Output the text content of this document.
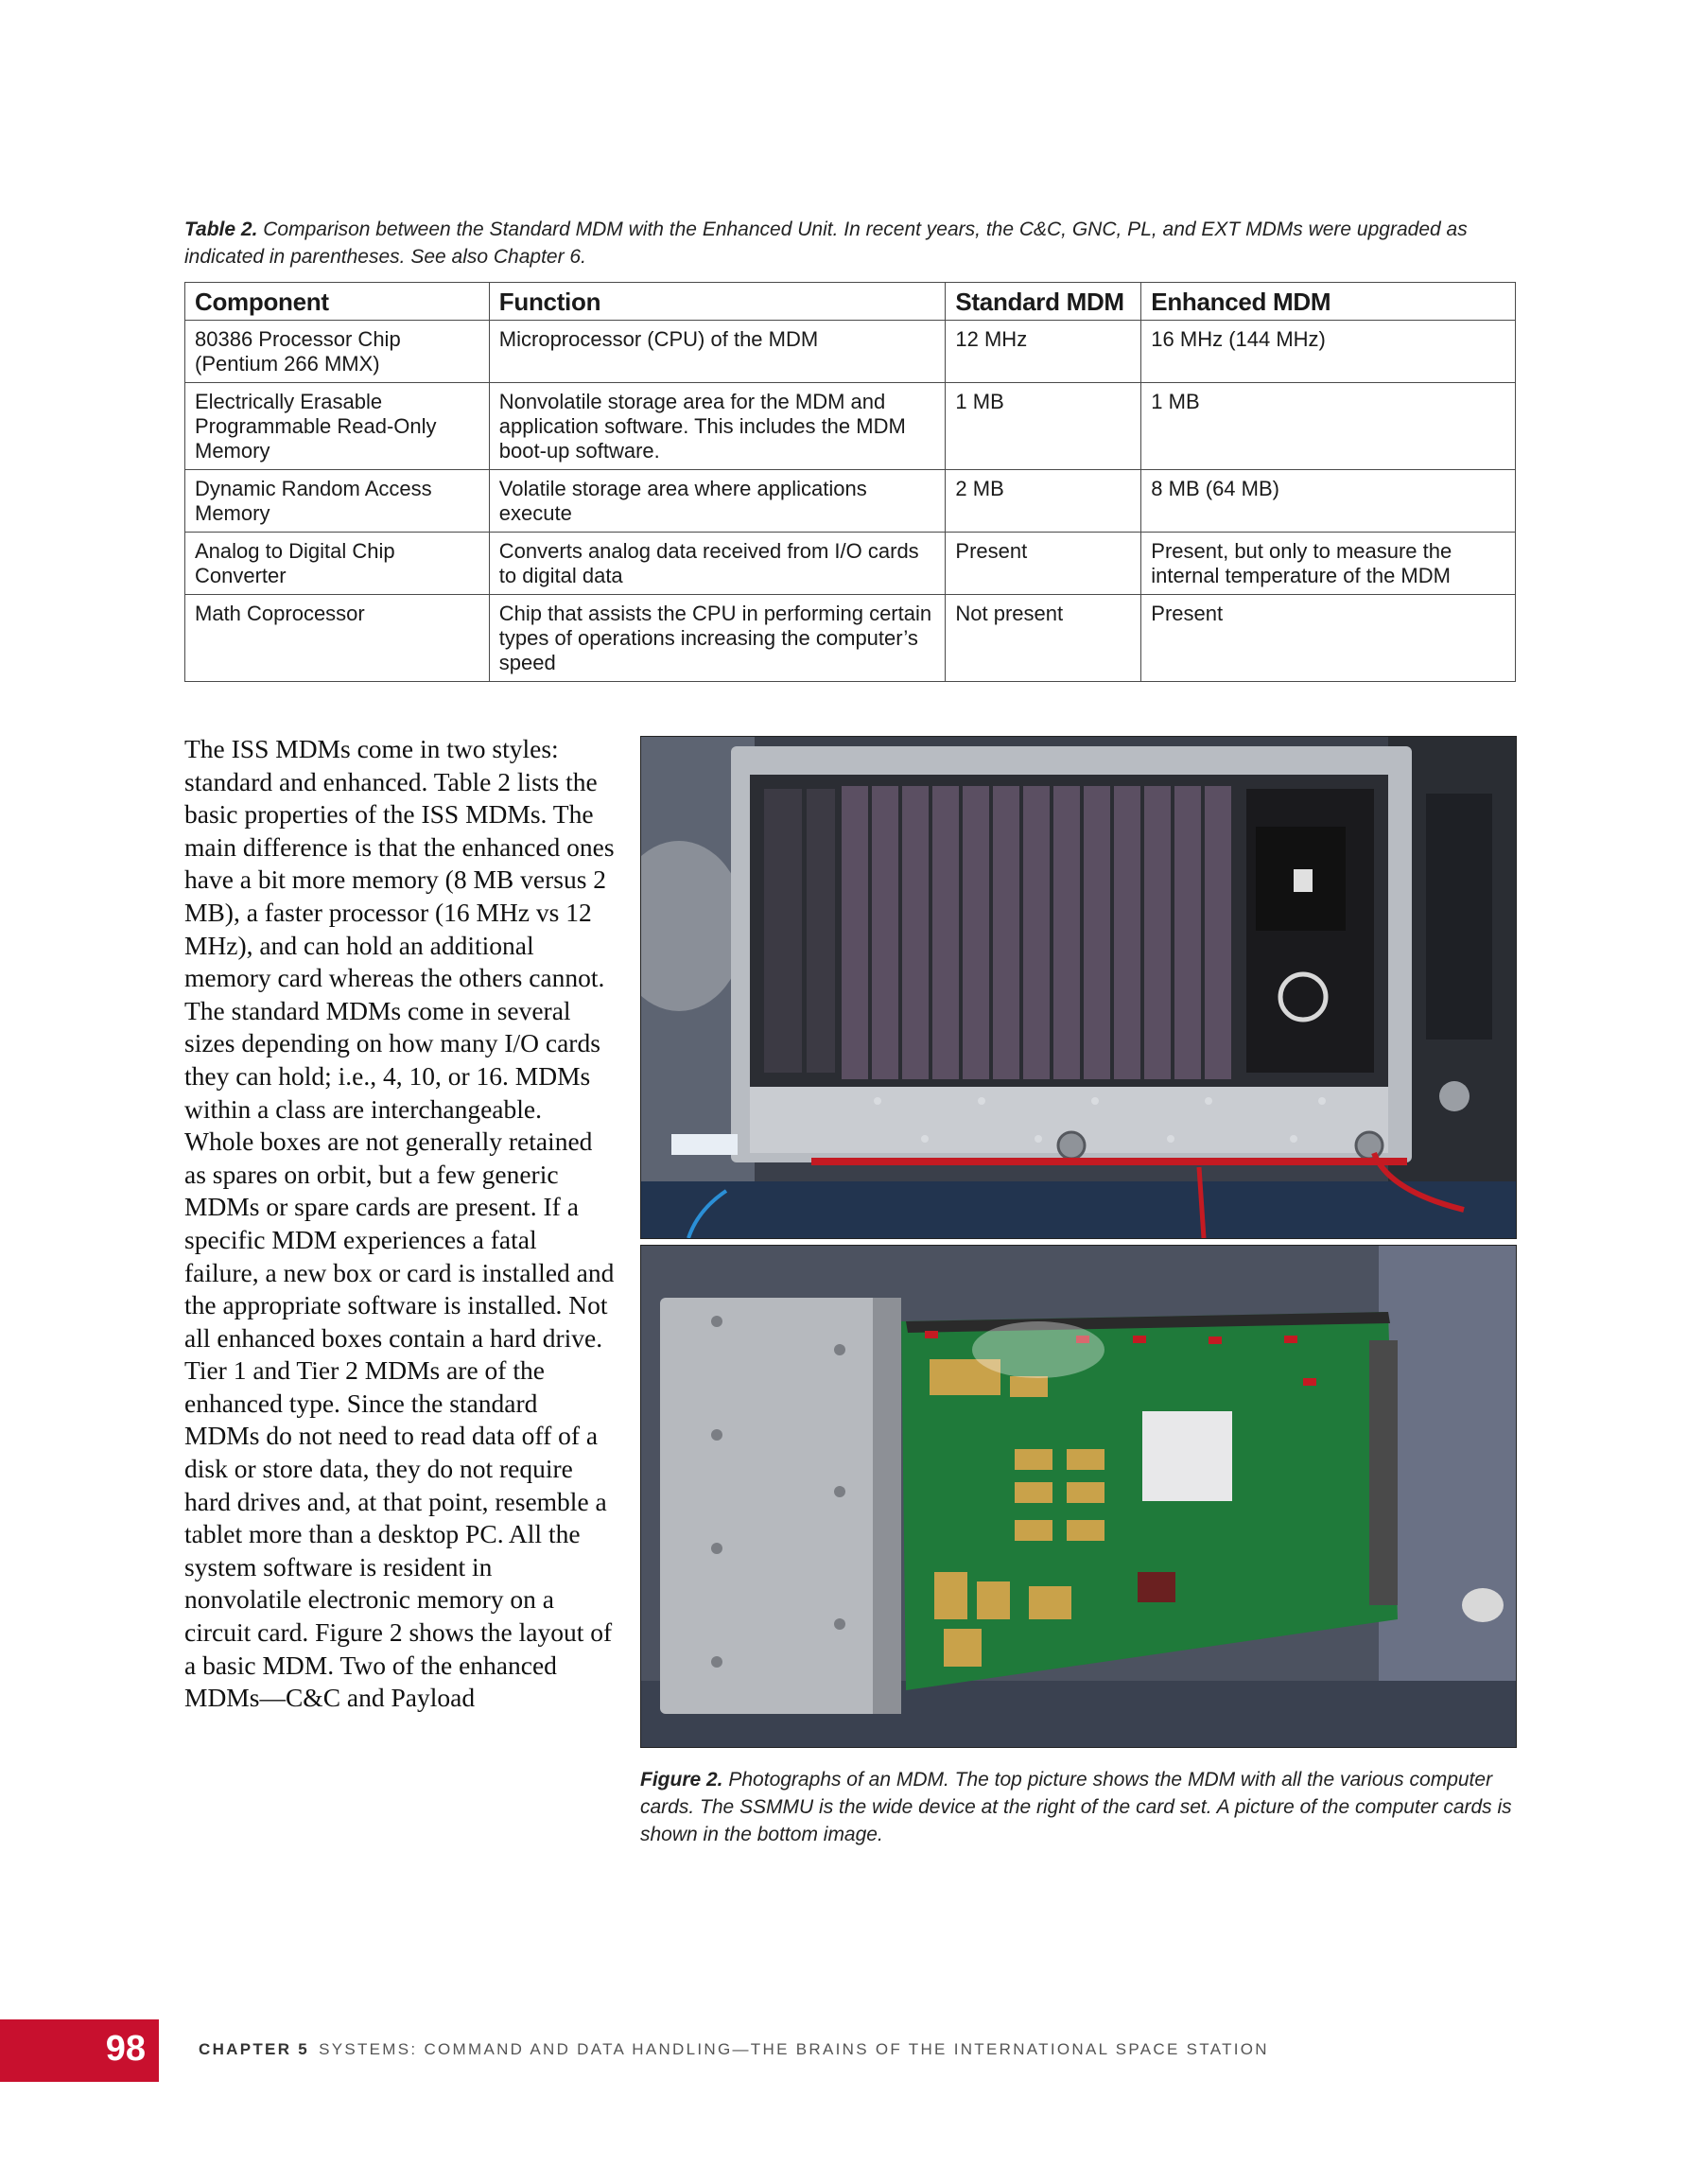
Table 2. Comparison between the Standard MDM with the Enhanced Unit. In recent years, the C&C, GNC, PL, and EXT MDMs were upgraded as indicated in parentheses. See also Chapter 6.
Component	Function	Standard MDM	Enhanced MDM
80386 Processor Chip (Pentium 266 MMX)	Microprocessor (CPU) of the MDM	12 MHz	16 MHz (144 MHz)
Electrically Erasable Programmable Read-Only Memory	Nonvolatile storage area for the MDM and application software. This includes the MDM boot-up software.	1 MB	1 MB
Dynamic Random Access Memory	Volatile storage area where applications execute	2 MB	8 MB (64 MB)
Analog to Digital Chip Converter	Converts analog data received from I/O cards to digital data	Present	Present, but only to measure the internal temperature of the MDM
Math Coprocessor	Chip that assists the CPU in performing certain types of operations increasing the computer’s speed	Not present	Present
The ISS MDMs come in two styles: standard and enhanced. Table 2 lists the basic properties of the ISS MDMs. The main difference is that the enhanced ones have a bit more memory (8 MB versus 2 MB), a faster processor (16 MHz vs 12 MHz), and can hold an additional memory card whereas the others cannot. The standard MDMs come in several sizes depending on how many I/O cards they can hold; i.e., 4, 10, or 16. MDMs within a class are interchangeable. Whole boxes are not generally retained as spares on orbit, but a few generic MDMs or spare cards are present. If a specific MDM experiences a fatal failure, a new box or card is installed and the appropriate software is installed. Not all enhanced boxes contain a hard drive. Tier 1 and Tier 2 MDMs are of the enhanced type. Since the standard MDMs do not need to read data off of a disk or store data, they do not require hard drives and, at that point, resemble a tablet more than a desktop PC. All the system software is resident in nonvolatile electronic memory on a circuit card. Figure 2 shows the layout of a basic MDM. Two of the enhanced MDMs—C&C and Payload
Figure 2. Photographs of an MDM. The top picture shows the MDM with all the various computer cards. The SSMMU is the wide device at the right of the card set. A picture of the computer cards is shown in the bottom image.
98	CHAPTER 5 SYSTEMS: COMMAND AND DATA HANDLING—THE BRAINS OF THE INTERNATIONAL SPACE STATION
